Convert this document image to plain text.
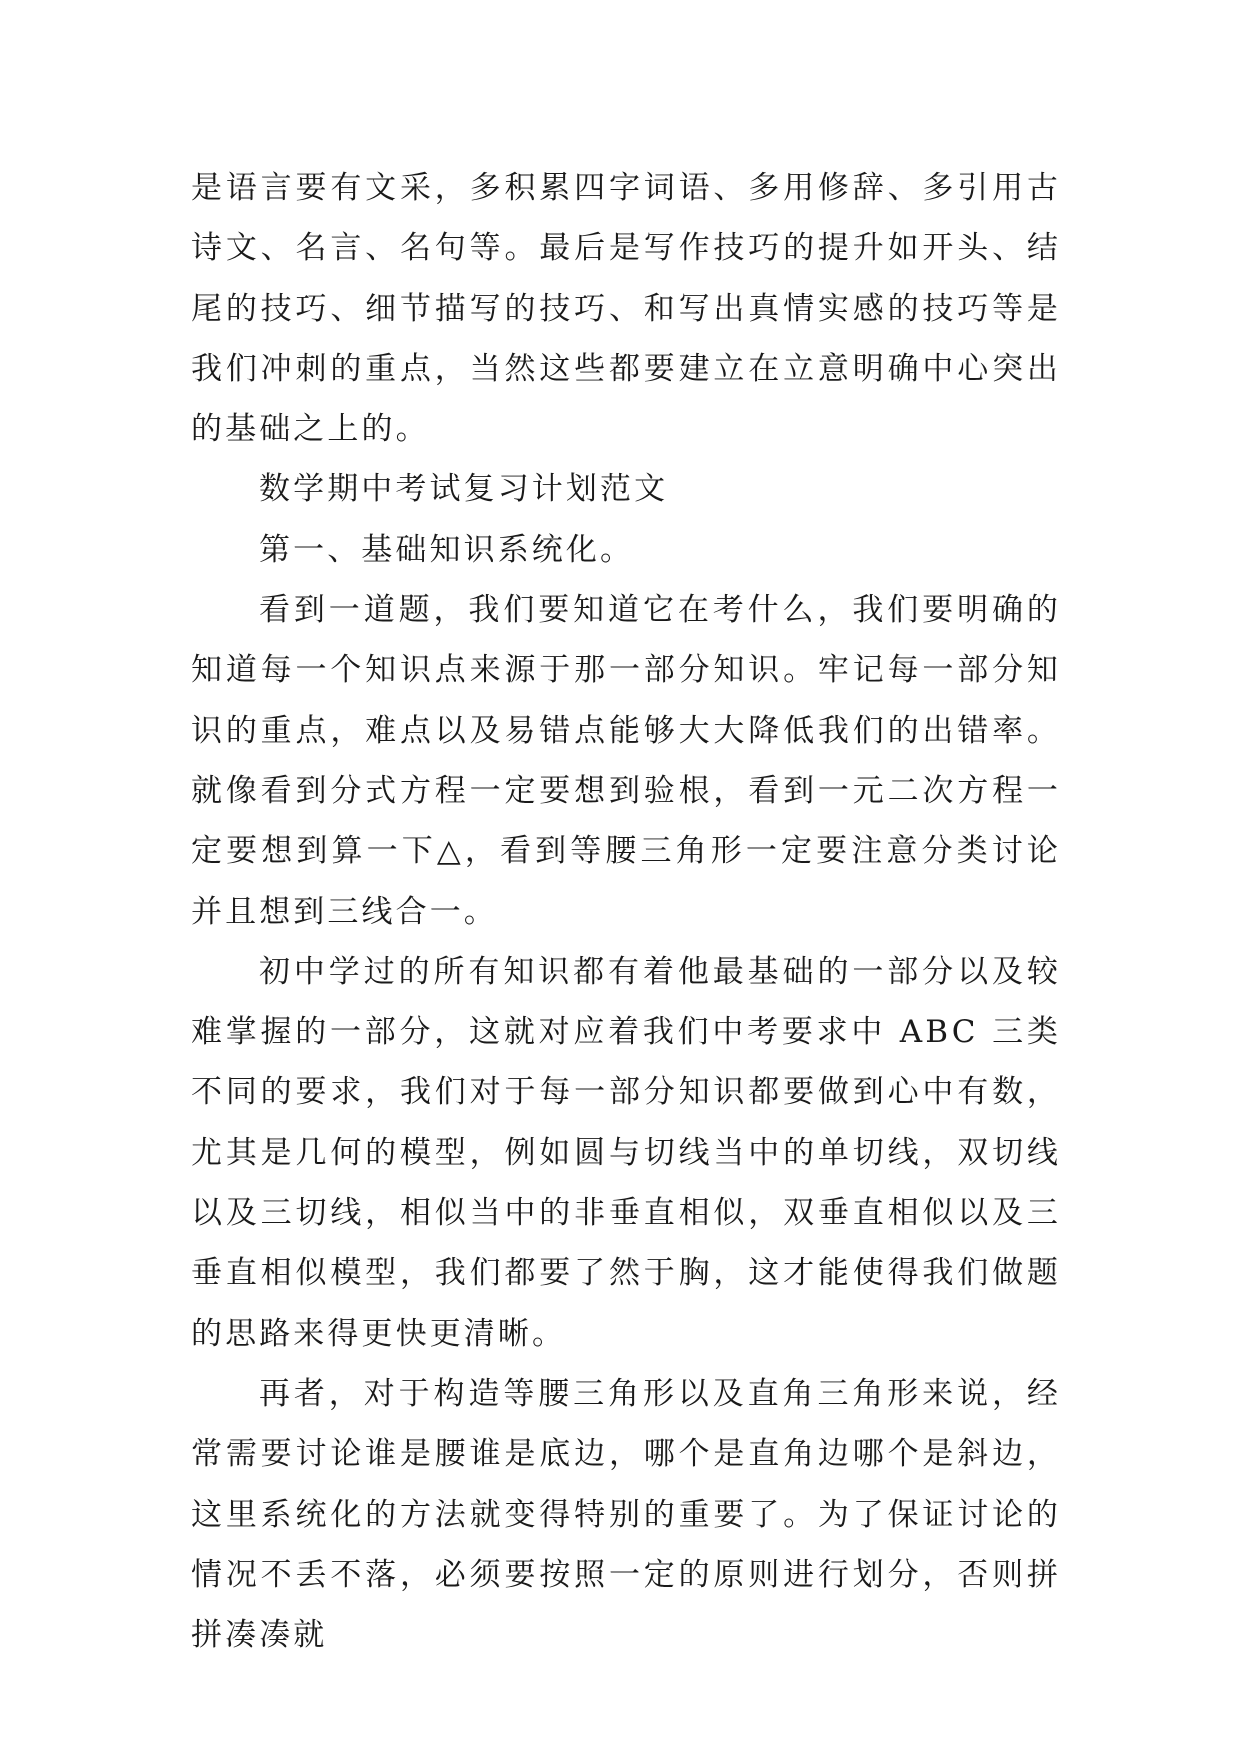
是语言要有文采，多积累四字词语、多用修辞、多引用古诗文、名言、名句等。最后是写作技巧的提升如开头、结尾的技巧、细节描写的技巧、和写出真情实感的技巧等是我们冲刺的重点，当然这些都要建立在立意明确中心突出的基础之上的。

数学期中考试复习计划范文

第一、基础知识系统化。

看到一道题，我们要知道它在考什么，我们要明确的知道每一个知识点来源于那一部分知识。牢记每一部分知识的重点，难点以及易错点能够大大降低我们的出错率。就像看到分式方程一定要想到验根，看到一元二次方程一定要想到算一下△，看到等腰三角形一定要注意分类讨论并且想到三线合一。

初中学过的所有知识都有着他最基础的一部分以及较难掌握的一部分，这就对应着我们中考要求中 ABC 三类不同的要求，我们对于每一部分知识都要做到心中有数，尤其是几何的模型，例如圆与切线当中的单切线，双切线以及三切线，相似当中的非垂直相似，双垂直相似以及三垂直相似模型，我们都要了然于胸，这才能使得我们做题的思路来得更快更清晰。

再者，对于构造等腰三角形以及直角三角形来说，经常需要讨论谁是腰谁是底边，哪个是直角边哪个是斜边，这里系统化的方法就变得特别的重要了。为了保证讨论的情况不丢不落，必须要按照一定的原则进行划分，否则拼拼凑凑就
